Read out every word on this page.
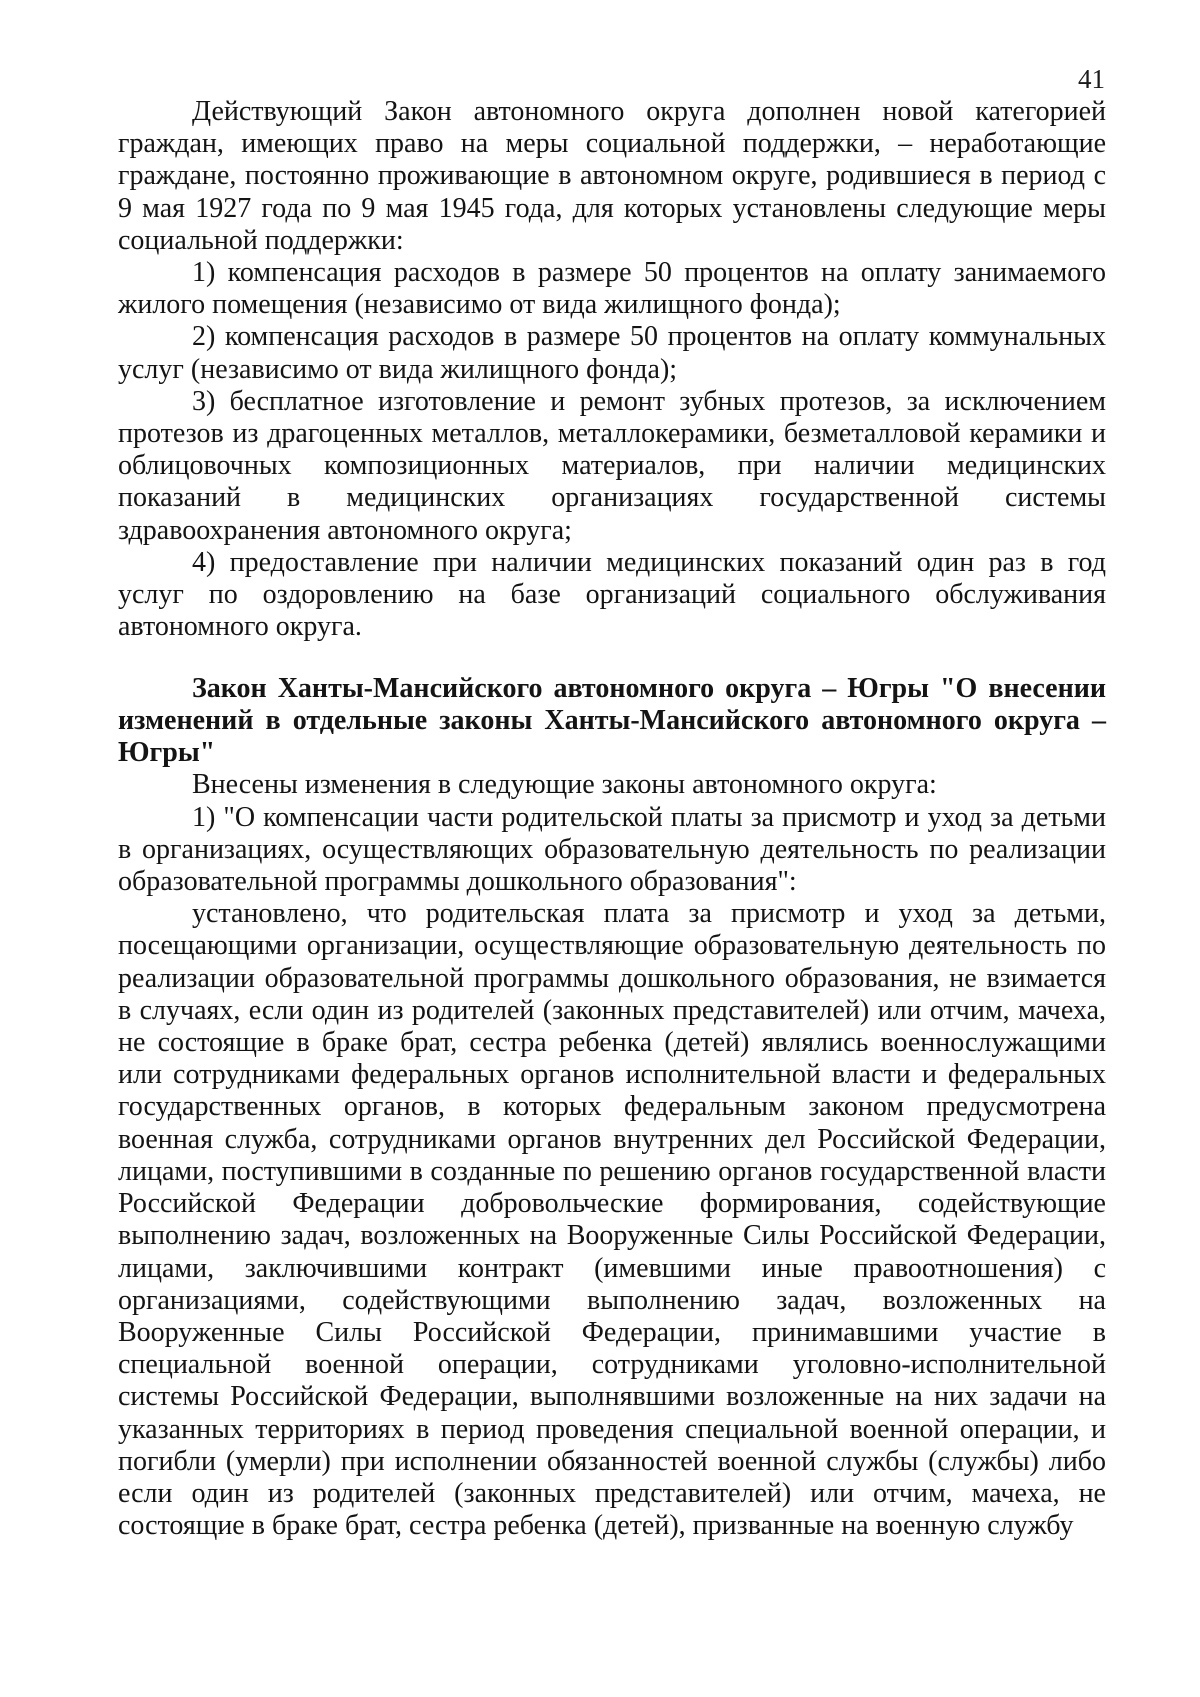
41

Действующий Закон автономного округа дополнен новой категорией граждан, имеющих право на меры социальной поддержки, – неработающие граждане, постоянно проживающие в автономном округе, родившиеся в период с 9 мая 1927 года по 9 мая 1945 года, для которых установлены следующие меры социальной поддержки:

1) компенсация расходов в размере 50 процентов на оплату занимаемого жилого помещения (независимо от вида жилищного фонда);

2) компенсация расходов в размере 50 процентов на оплату коммунальных услуг (независимо от вида жилищного фонда);

3) бесплатное изготовление и ремонт зубных протезов, за исключением протезов из драгоценных металлов, металлокерамики, безметалловой керамики и облицовочных композиционных материалов, при наличии медицинских показаний в медицинских организациях государственной системы здравоохранения автономного округа;

4) предоставление при наличии медицинских показаний один раз в год услуг по оздоровлению на базе организаций социального обслуживания автономного округа.

Закон Ханты-Мансийского автономного округа – Югры "О внесении изменений в отдельные законы Ханты-Мансийского автономного округа – Югры"

Внесены изменения в следующие законы автономного округа:

1) "О компенсации части родительской платы за присмотр и уход за детьми в организациях, осуществляющих образовательную деятельность по реализации образовательной программы дошкольного образования":

установлено, что родительская плата за присмотр и уход за детьми, посещающими организации, осуществляющие образовательную деятельность по реализации образовательной программы дошкольного образования, не взимается в случаях, если один из родителей (законных представителей) или отчим, мачеха, не состоящие в браке брат, сестра ребенка (детей) являлись военнослужащими или сотрудниками федеральных органов исполнительной власти и федеральных государственных органов, в которых федеральным законом предусмотрена военная служба, сотрудниками органов внутренних дел Российской Федерации, лицами, поступившими в созданные по решению органов государственной власти Российской Федерации добровольческие формирования, содействующие выполнению задач, возложенных на Вооруженные Силы Российской Федерации, лицами, заключившими контракт (имевшими иные правоотношения) с организациями, содействующими выполнению задач, возложенных на Вооруженные Силы Российской Федерации, принимавшими участие в специальной военной операции, сотрудниками уголовно-исполнительной системы Российской Федерации, выполнявшими возложенные на них задачи на указанных территориях в период проведения специальной военной операции, и погибли (умерли) при исполнении обязанностей военной службы (службы) либо если один из родителей (законных представителей) или отчим, мачеха, не состоящие в браке брат, сестра ребенка (детей), призванные на военную службу
